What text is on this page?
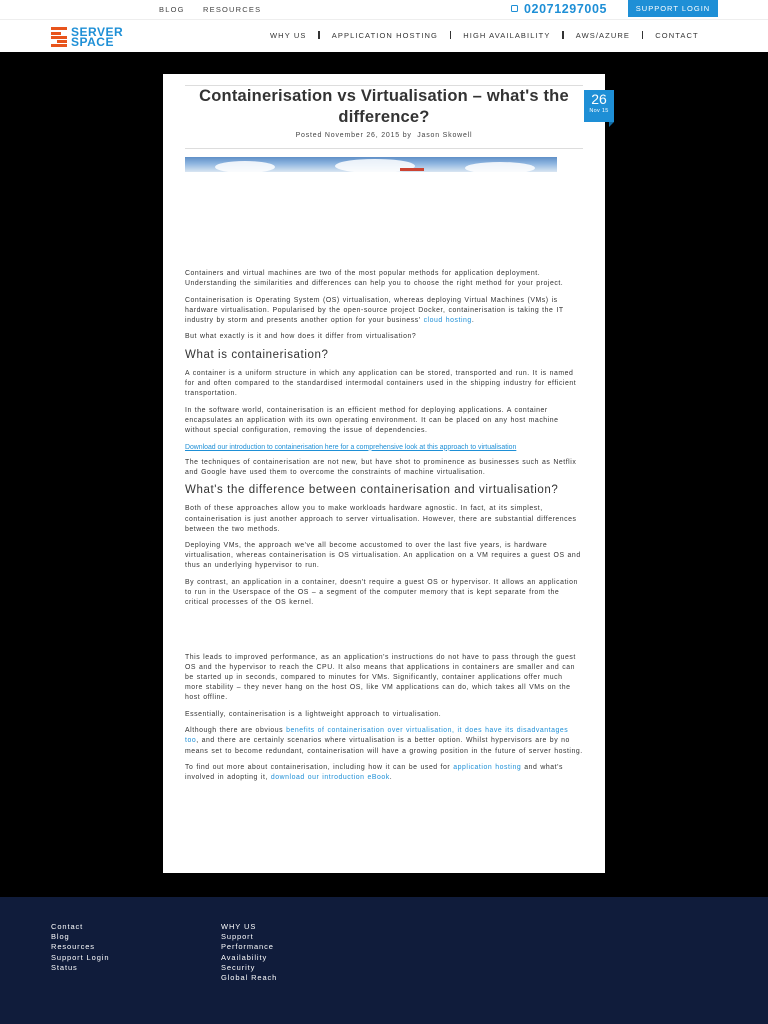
BLOG RESOURCES	02071297005	SUPPORT LOGIN
SERVER
SPACE	WHY US	APPLICATION HOSTING	HIGH AVAILABILITY	AWS/AZURE	CONTACT
Containerisation vs Virtualisation – what's the difference?
Posted November 26, 2015 by Jason Skowell
26
Nov 15

Containers and virtual machines are two of the most popular methods for application deployment. Understanding the similarities and differences can help you to choose the right method for your project.

Containerisation is Operating System (OS) virtualisation, whereas deploying Virtual Machines (VMs) is hardware virtualisation. Popularised by the open-source project Docker, containerisation is taking the IT industry by storm and presents another option for your business' cloud hosting.

But what exactly is it and how does it differ from virtualisation?

What is containerisation?

A container is a uniform structure in which any application can be stored, transported and run. It is named for and often compared to the standardised intermodal containers used in the shipping industry for efficient transportation.

In the software world, containerisation is an efficient method for deploying applications. A container encapsulates an application with its own operating environment. It can be placed on any host machine without special configuration, removing the issue of dependencies.

Download our introduction to containerisation here for a comprehensive look at this approach to virtualisation

The techniques of containerisation are not new, but have shot to prominence as businesses such as Netflix and Google have used them to overcome the constraints of machine virtualisation.

What's the difference between containerisation and virtualisation?

Both of these approaches allow you to make workloads hardware agnostic. In fact, at its simplest, containerisation is just another approach to server virtualisation. However, there are substantial differences between the two methods.

Deploying VMs, the approach we've all become accustomed to over the last five years, is hardware virtualisation, whereas containerisation is OS virtualisation. An application on a VM requires a guest OS and thus an underlying hypervisor to run.

By contrast, an application in a container, doesn't require a guest OS or hypervisor. It allows an application to run in the Userspace of the OS – a segment of the computer memory that is kept separate from the critical processes of the OS kernel.

This leads to improved performance, as an application's instructions do not have to pass through the guest OS and the hypervisor to reach the CPU. It also means that applications in containers are smaller and can be started up in seconds, compared to minutes for VMs. Significantly, container applications offer much more stability – they never hang on the host OS, like VM applications can do, which takes all VMs on the host offline.

Essentially, containerisation is a lightweight approach to virtualisation.

Although there are obvious benefits of containerisation over virtualisation, it does have its disadvantages too, and there are certainly scenarios where virtualisation is a better option. Whilst hypervisors are by no means set to become redundant, containerisation will have a growing position in the future of server hosting.

To find out more about containerisation, including how it can be used for application hosting and what's involved in adopting it, download our introduction eBook.

Contact
Blog
Resources
Support Login
Status
WHY US
Support
Performance
Availability
Security
Global Reach
